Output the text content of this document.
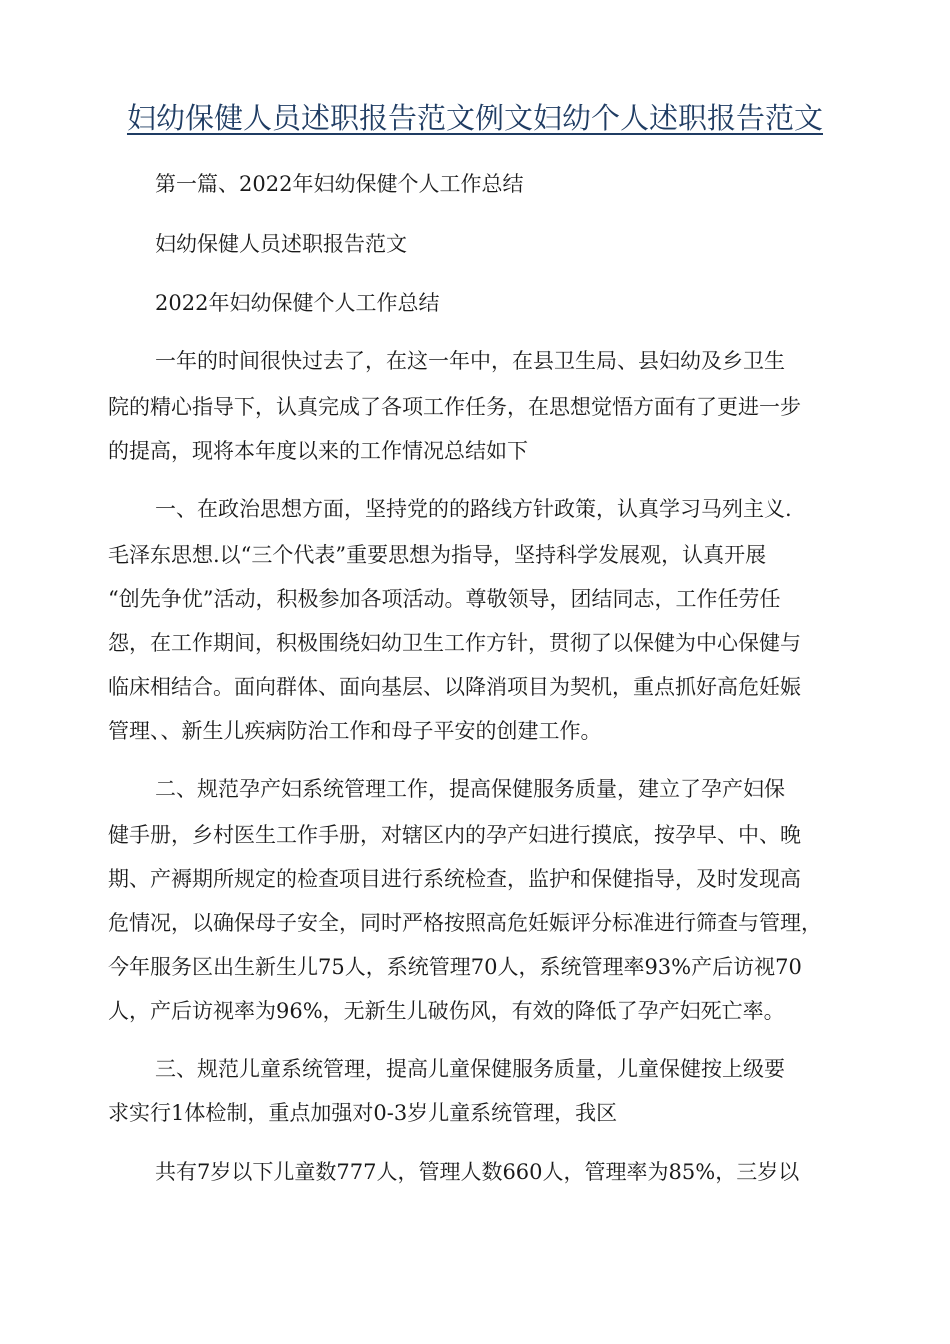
妇幼保健人员述职报告范文例文妇幼个人述职报告范文
第一篇、2022年妇幼保健个人工作总结
妇幼保健人员述职报告范文
2022年妇幼保健个人工作总结
一年的时间很快过去了，在这一年中，在县卫生局、县妇幼及乡卫生
院的精心指导下，认真完成了各项工作任务，在思想觉悟方面有了更进一步
的提高，现将本年度以来的工作情况总结如下
一、在政治思想方面，坚持党的的路线方针政策，认真学习马列主义.
毛泽东思想.以“三个代表”重要思想为指导，坚持科学发展观，认真开展
“创先争优”活动，积极参加各项活动。尊敬领导，团结同志，工作任劳任
怨，在工作期间，积极围绕妇幼卫生工作方针，贯彻了以保健为中心保健与
临床相结合。面向群体、面向基层、以降消项目为契机，重点抓好高危妊娠
管理、、新生儿疾病防治工作和母子平安的创建工作。
二、规范孕产妇系统管理工作，提高保健服务质量，建立了孕产妇保
健手册，乡村医生工作手册，对辖区内的孕产妇进行摸底，按孕早、中、晚
期、产褥期所规定的检查项目进行系统检查，监护和保健指导，及时发现高
危情况，以确保母子安全，同时严格按照高危妊娠评分标准进行筛查与管理，
今年服务区出生新生儿75人，系统管理70人，系统管理率93%产后访视70
人，产后访视率为96%，无新生儿破伤风，有效的降低了孕产妇死亡率。
三、规范儿童系统管理，提高儿童保健服务质量，儿童保健按上级要
求实行1体检制，重点加强对0-3岁儿童系统管理，我区
共有7岁以下儿童数777人，管理人数660人，管理率为85%，三岁以
